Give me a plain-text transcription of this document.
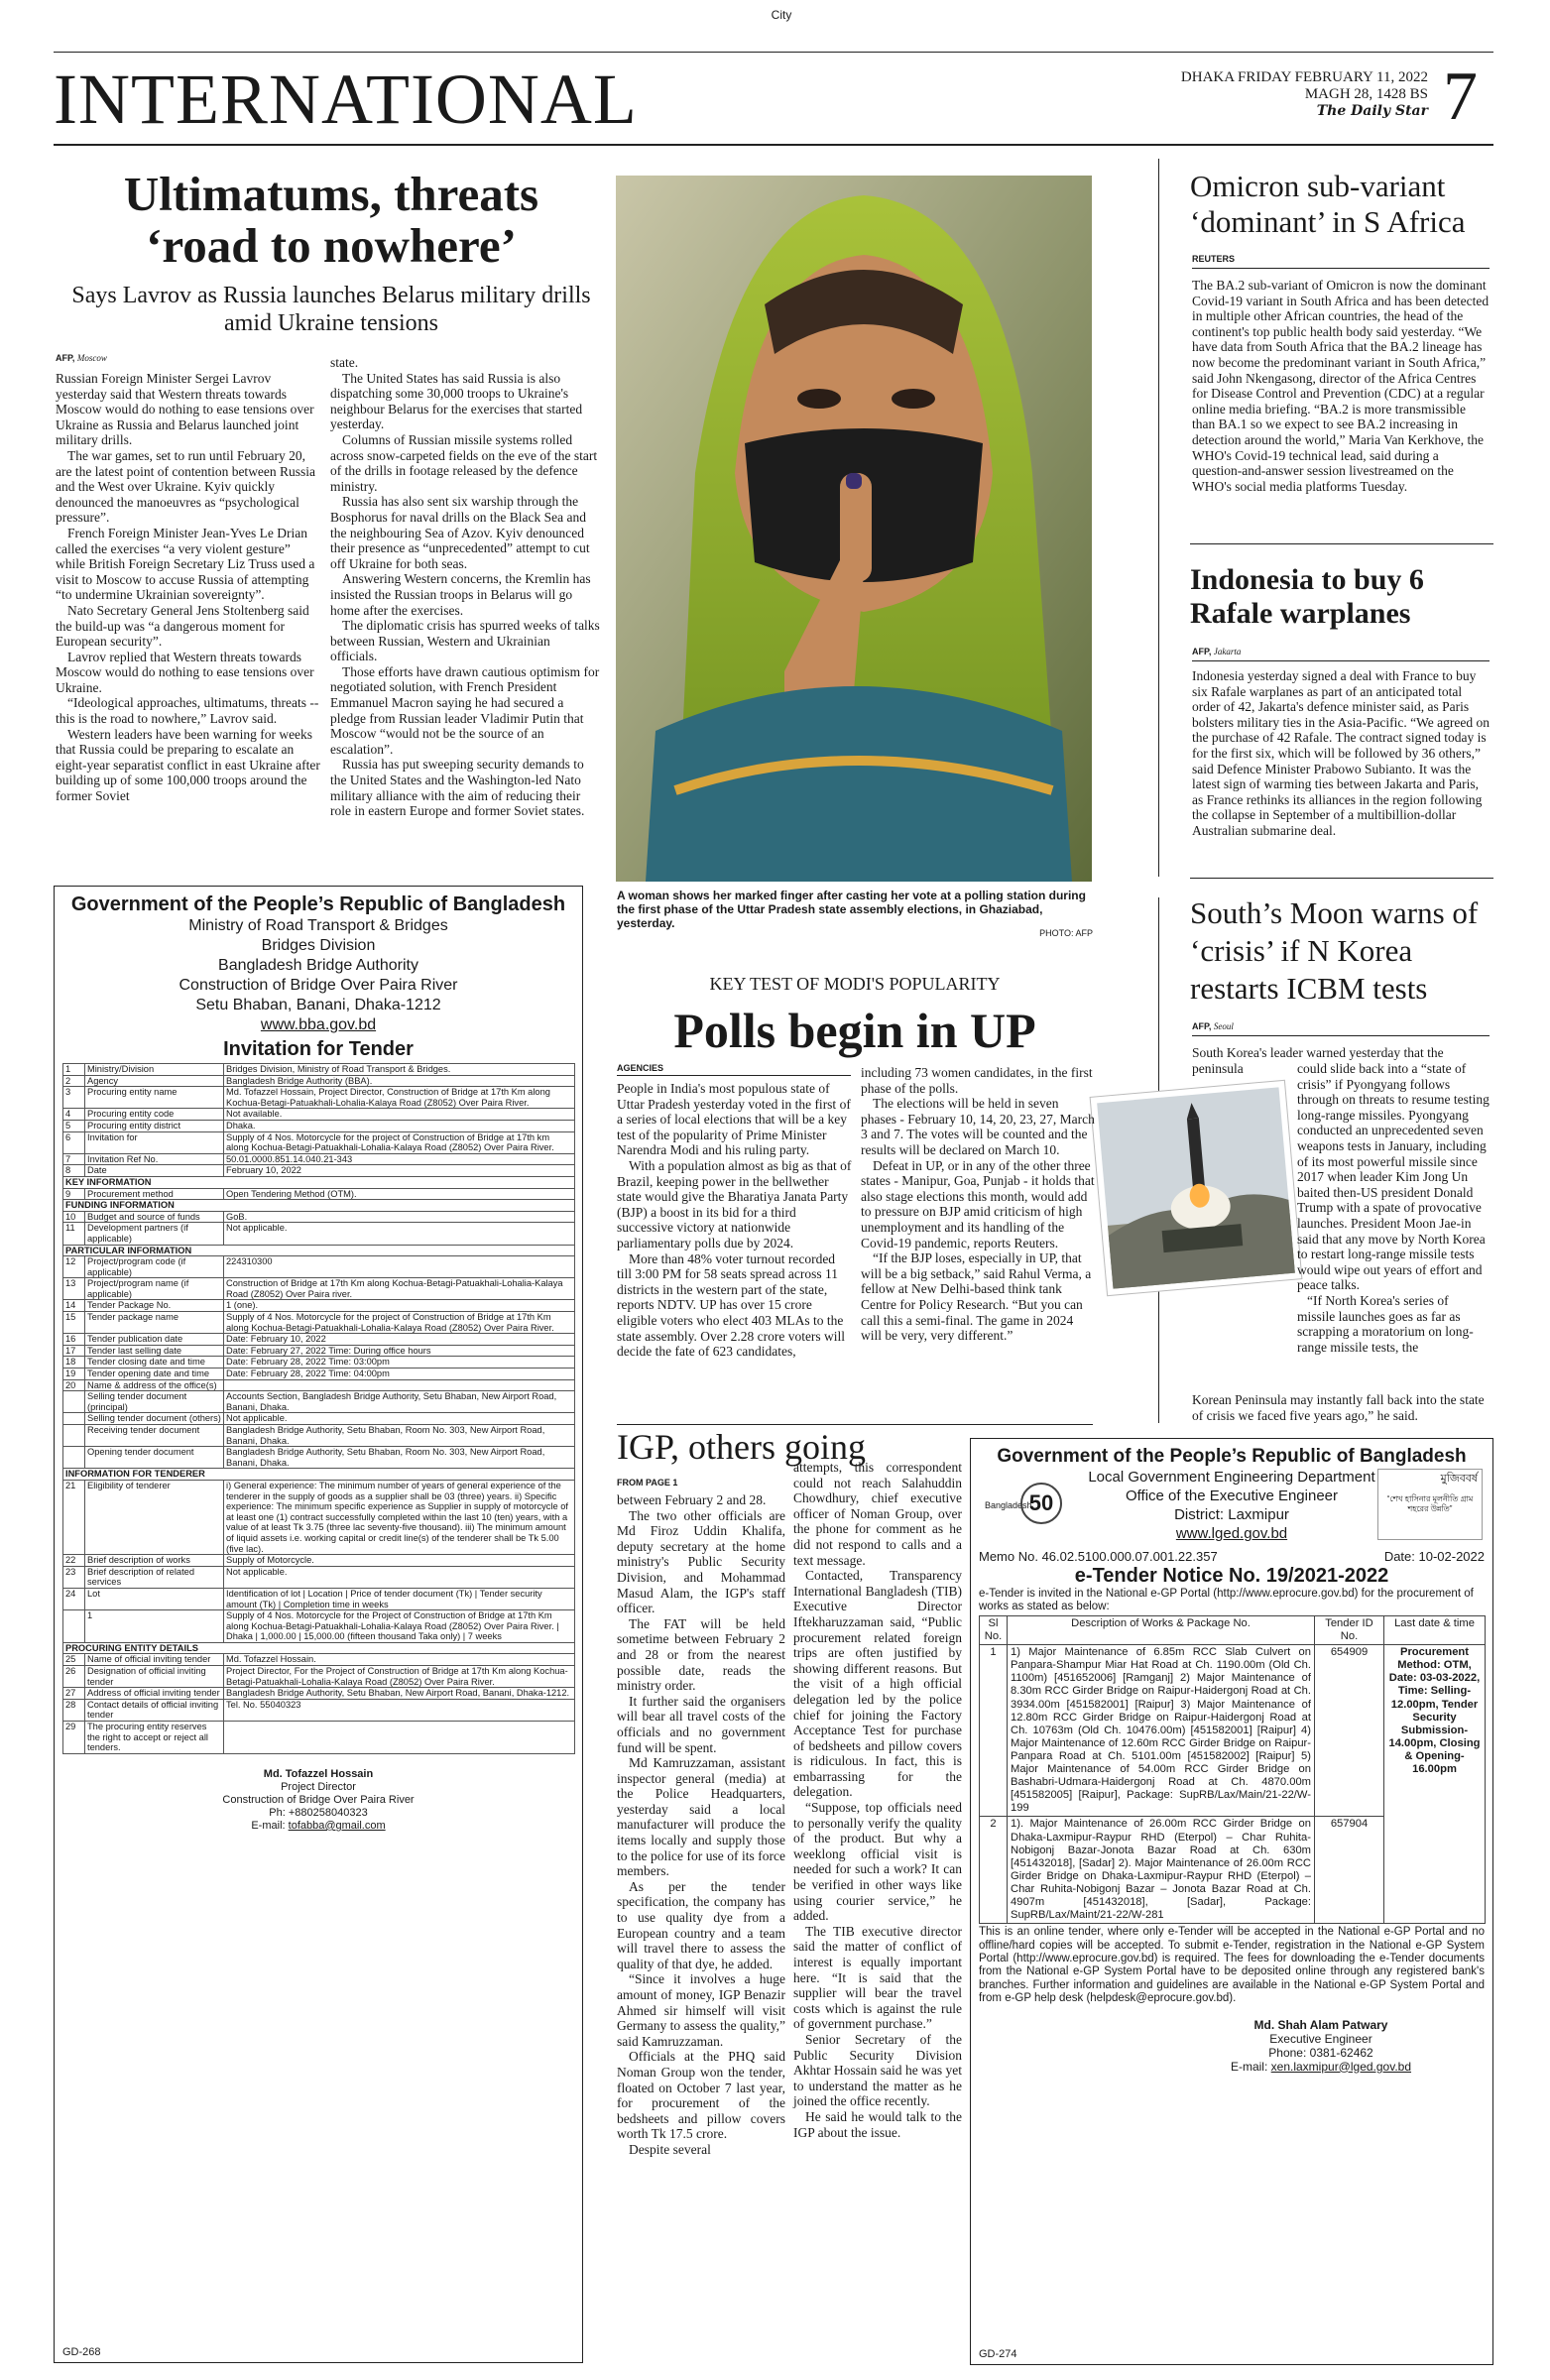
City
INTERNATIONAL	DHAKA FRIDAY FEBRUARY 11, 2022
MAGH 28, 1428 BS
The Daily Star 7
Ultimatums, threats
‘road to nowhere’
Says Lavrov as Russia launches Belarus military drills amid Ukraine tensions
AFP, Moscow

Russian Foreign Minister Sergei Lavrov yesterday said that Western threats towards Moscow would do nothing to ease tensions over Ukraine as Russia and Belarus launched joint military drills.

The war games, set to run until February 20, are the latest point of contention between Russia and the West over Ukraine. Kyiv quickly denounced the manoeuvres as “psychological pressure”.

French Foreign Minister Jean-Yves Le Drian called the exercises “a very violent gesture” while British Foreign Secretary Liz Truss used a visit to Moscow to accuse Russia of attempting “to undermine Ukrainian sovereignty”.

Nato Secretary General Jens Stoltenberg said the build-up was “a dangerous moment for European security”.

Lavrov replied that Western threats towards Moscow would do nothing to ease tensions over Ukraine.

“Ideological approaches, ultimatums, threats -- this is the road to nowhere,” Lavrov said.

Western leaders have been warning for weeks that Russia could be preparing to escalate an eight-year separatist conflict in east Ukraine after building up of some 100,000 troops around the former Soviet

state.

The United States has said Russia is also dispatching some 30,000 troops to Ukraine's neighbour Belarus for the exercises that started yesterday.

Columns of Russian missile systems rolled across snow-carpeted fields on the eve of the start of the drills in footage released by the defence ministry.

Russia has also sent six warship through the Bosphorus for naval drills on the Black Sea and the neighbouring Sea of Azov. Kyiv denounced their presence as “unprecedented” attempt to cut off Ukraine for both seas.

Answering Western concerns, the Kremlin has insisted the Russian troops in Belarus will go home after the exercises.

The diplomatic crisis has spurred weeks of talks between Russian, Western and Ukrainian officials.

Those efforts have drawn cautious optimism for negotiated solution, with French President Emmanuel Macron saying he had secured a pledge from Russian leader Vladimir Putin that Moscow “would not be the source of an escalation”.

Russia has put sweeping security demands to the United States and the Washington-led Nato military alliance with the aim of reducing their role in eastern Europe and former Soviet states.

A woman shows her marked finger after casting her vote at a polling station during the first phase of the Uttar Pradesh state assembly elections, in Ghaziabad, yesterday.
PHOTO: AFP
Omicron sub-variant ‘dominant’ in S Africa
REUTERS
The BA.2 sub-variant of Omicron is now the dominant Covid-19 variant in South Africa and has been detected in multiple other African countries, the head of the continent's top public health body said yesterday. “We have data from South Africa that the BA.2 lineage has now become the predominant variant in South Africa,” said John Nkengasong, director of the Africa Centres for Disease Control and Prevention (CDC) at a regular online media briefing. “BA.2 is more transmissible than BA.1 so we expect to see BA.2 increasing in detection around the world,” Maria Van Kerkhove, the WHO's Covid-19 technical lead, said during a question-and-answer session livestreamed on the WHO's social media platforms Tuesday.
Indonesia to buy 6 Rafale warplanes
AFP, Jakarta
Indonesia yesterday signed a deal with France to buy six Rafale warplanes as part of an anticipated total order of 42, Jakarta's defence minister said, as Paris bolsters military ties in the Asia-Pacific. “We agreed on the purchase of 42 Rafale. The contract signed today is for the first six, which will be followed by 36 others,” said Defence Minister Prabowo Subianto. It was the latest sign of warming ties between Jakarta and Paris, as France rethinks its alliances in the region following the collapse in September of a multibillion-dollar Australian submarine deal.
South’s Moon warns of ‘crisis’ if N Korea restarts ICBM tests
AFP, Seoul
South Korea's leader warned yesterday that the peninsula	could slide back into a “state of crisis” if Pyongyang follows through on threats to resume testing long-range missiles. Pyongyang conducted an unprecedented seven weapons tests in January, including of its most powerful missile since 2017 when leader Kim Jong Un baited then-US president Donald Trump with a spate of provocative launches. President Moon Jae-in said that any move by North Korea to restart long-range missile tests would wipe out years of effort and peace talks.

“If North Korea's series of missile launches goes as far as scrapping a moratorium on long-range missile tests, the

Korean Peninsula may instantly fall back into the state of crisis we faced five years ago,” he said.
KEY TEST OF MODI'S POPULARITY
Polls begin in UP
AGENCIES

People in India's most populous state of Uttar Pradesh yesterday voted in the first of a series of local elections that will be a key test of the popularity of Prime Minister Narendra Modi and his ruling party.

With a population almost as big as that of Brazil, keeping power in the bellwether state would give the Bharatiya Janata Party (BJP) a boost in its bid for a third successive victory at nationwide parliamentary polls due by 2024.

More than 48% voter turnout recorded till 3:00 PM for 58 seats spread across 11 districts in the western part of the state, reports NDTV. UP has over 15 crore eligible voters who elect 403 MLAs to the state assembly. Over 2.28 crore voters will decide the fate of 623 candidates,

including 73 women candidates, in the first phase of the polls.

The elections will be held in seven phases - February 10, 14, 20, 23, 27, March 3 and 7. The votes will be counted and the results will be declared on March 10.

Defeat in UP, or in any of the other three states - Manipur, Goa, Punjab - it holds that also stage elections this month, would add to pressure on BJP amid criticism of high unemployment and its handling of the Covid-19 pandemic, reports Reuters.

“If the BJP loses, especially in UP, that will be a big setback,” said Rahul Verma, a fellow at New Delhi-based think tank Centre for Policy Research. “But you can call this a semi-final. The game in 2024 will be very, very different.”

IGP, others going
FROM PAGE 1

between February 2 and 28.

The two other officials are Md Firoz Uddin Khalifa, deputy secretary at the home ministry's Public Security Division, and Mohammad Masud Alam, the IGP's staff officer.

The FAT will be held sometime between February 2 and 28 or from the nearest possible date, reads the ministry order.

It further said the organisers will bear all travel costs of the officials and no government fund will be spent.

Md Kamruzzaman, assistant inspector general (media) at the Police Headquarters, yesterday said a local manufacturer will produce the items locally and supply those to the police for use of its force members.

As per the tender specification, the company has to use quality dye from a European country and a team will travel there to assess the quality of that dye, he added.

“Since it involves a huge amount of money, IGP Benazir Ahmed sir himself will visit Germany to assess the quality,” said Kamruzzaman.

Officials at the PHQ said Noman Group won the tender, floated on October 7 last year, for procurement of the bedsheets and pillow covers worth Tk 17.5 crore.

Despite several

attempts, this correspondent could not reach Salahuddin Chowdhury, chief executive officer of Noman Group, over the phone for comment as he did not respond to calls and a text message.

Contacted, Transparency International Bangladesh (TIB) Executive Director Iftekharuzzaman said, “Public procurement related foreign trips are often justified by showing different reasons. But the visit of a high official delegation led by the police chief for joining the Factory Acceptance Test for purchase of bedsheets and pillow covers is ridiculous. In fact, this is embarrassing for the delegation.

“Suppose, top officials need to personally verify the quality of the product. But why a weeklong official visit is needed for such a work? It can be verified in other ways like using courier service,” he added.

The TIB executive director said the matter of conflict of interest is equally important here. “It is said that the supplier will bear the travel costs which is against the rule of government purchase.”

Senior Secretary of the Public Security Division Akhtar Hossain said he was yet to understand the matter as he joined the office recently.

He said he would talk to the IGP about the issue.

Government of the People’s Republic of Bangladesh
Ministry of Road Transport & Bridges
Bridges Division
Bangladesh Bridge Authority
Construction of Bridge Over Paira River
Setu Bhaban, Banani, Dhaka-1212
www.bba.gov.bd
Invitation for Tender
1	Ministry/Division	Bridges Division, Ministry of Road Transport & Bridges.
2	Agency	Bangladesh Bridge Authority (BBA).
3	Procuring entity name	Md. Tofazzel Hossain, Project Director, Construction of Bridge at 17th Km along Kochua-Betagi-Patuakhali-Lohalia-Kalaya Road (Z8052) Over Paira River.
4	Procuring entity code	Not available.
5	Procuring entity district	Dhaka.
6	Invitation for	Supply of 4 Nos. Motorcycle for the project of Construction of Bridge at 17th km along Kochua-Betagi-Patuakhali-Lohalia-Kalaya Road (Z8052) Over Paira River.
7	Invitation Ref No.	50.01.0000.851.14.040.21-343
8	Date	February 10, 2022
KEY INFORMATION		
9	Procurement method	Open Tendering Method (OTM).
FUNDING INFORMATION		
10	Budget and source of funds	GoB.
11	Development partners (if applicable)	Not applicable.
PARTICULAR INFORMATION		
12	Project/program code (if applicable)	224310300
13	Project/program name (if applicable)	Construction of Bridge at 17th Km along Kochua-Betagi-Patuakhali-Lohalia-Kalaya Road (Z8052) Over Paira river.
14	Tender Package No.	1 (one).
15	Tender package name	Supply of 4 Nos. Motorcycle for the project of Construction of Bridge at 17th Km along Kochua-Betagi-Patuakhali-Lohalia-Kalaya Road (Z8052) Over Paira River.
16	Tender publication date	Date: February 10, 2022
17	Tender last selling date	Date: February 27, 2022 Time: During office hours
18	Tender closing date and time	Date: February 28, 2022 Time: 03:00pm
19	Tender opening date and time	Date: February 28, 2022 Time: 04:00pm
20	Name & address of the office(s)	
	Selling tender document (principal)	Accounts Section, Bangladesh Bridge Authority, Setu Bhaban, New Airport Road, Banani, Dhaka.
	Selling tender document (others)	Not applicable.
	Receiving tender document	Bangladesh Bridge Authority, Setu Bhaban, Room No. 303, New Airport Road, Banani, Dhaka.
	Opening tender document	Bangladesh Bridge Authority, Setu Bhaban, Room No. 303, New Airport Road, Banani, Dhaka.
INFORMATION FOR TENDERER		
21	Eligibility of tenderer	i) General experience: The minimum number of years of general experience of the tenderer in the supply of goods as a supplier shall be 03 (three) years. ii) Specific experience: The minimum specific experience as Supplier in supply of motorcycle of at least one (1) contract successfully completed within the last 10 (ten) years, with a value of at least Tk 3.75 (three lac seventy-five thousand). iii) The minimum amount of liquid assets i.e. working capital or credit line(s) of the tenderer shall be Tk 5.00 (five lac).
22	Brief description of works	Supply of Motorcycle.
23	Brief description of related services	Not applicable.
24	Lot	Identification of lot | Location | Price of tender document (Tk) | Tender security amount (Tk) | Completion time in weeks
	1	Supply of 4 Nos. Motorcycle for the Project of Construction of Bridge at 17th Km along Kochua-Betagi-Patuakhali-Lohalia-Kalaya Road (Z8052) Over Paira River. | Dhaka | 1,000.00 | 15,000.00 (fifteen thousand Taka only) | 7 weeks
PROCURING ENTITY DETAILS		
25	Name of official inviting tender	Md. Tofazzel Hossain.
26	Designation of official inviting tender	Project Director, For the Project of Construction of Bridge at 17th Km along Kochua-Betagi-Patuakhali-Lohalia-Kalaya Road (Z8052) Over Paira River.
27	Address of official inviting tender	Bangladesh Bridge Authority, Setu Bhaban, New Airport Road, Banani, Dhaka-1212.
28	Contact details of official inviting tender	Tel. No. 55040323
29	The procuring entity reserves the right to accept or reject all tenders.	
Md. Tofazzel Hossain
Project Director
Construction of Bridge Over Paira River
Ph: +880258040323
E-mail: tofabba@gmail.com
GD-268
Government of the People’s Republic of Bangladesh
Bangladesh
50
Local Government Engineering Department
Office of the Executive Engineer
District: Laxmipur
www.lged.gov.bd
মুজিববর্ষ
“শেখ হাসিনার মূলনীতি গ্রাম শহরের উন্নতি”
Memo No. 46.02.5100.000.07.001.22.357	Date: 10-02-2022
e-Tender Notice No. 19/2021-2022
e-Tender is invited in the National e-GP Portal (http://www.eprocure.gov.bd) for the procurement of works as stated as below:
Sl No.	Description of Works & Package No.	Tender ID No.	Last date & time
1	1) Major Maintenance of 6.85m RCC Slab Culvert on Panpara-Shampur Miar Hat Road at Ch. 1190.00m (Old Ch. 1100m) [451652006] [Ramganj] 2) Major Maintenance of 8.30m RCC Girder Bridge on Raipur-Haidergonj Road at Ch. 3934.00m [451582001] [Raipur] 3) Major Maintenance of 12.80m RCC Girder Bridge on Raipur-Haidergonj Road at Ch. 10763m (Old Ch. 10476.00m) [451582001] [Raipur] 4) Major Maintenance of 12.60m RCC Girder Bridge on Raipur-Panpara Road at Ch. 5101.00m [451582002] [Raipur] 5) Major Maintenance of 54.00m RCC Girder Bridge on Bashabri-Udmara-Haidergonj Road at Ch. 4870.00m [451582005] [Raipur], Package: SupRB/Lax/Main/21-22/W-199	654909	Procurement Method: OTM, Date: 03-03-2022, Time: Selling-12.00pm, Tender Security Submission-14.00pm, Closing & Opening-16.00pm
2	1). Major Maintenance of 26.00m RCC Girder Bridge on Dhaka-Laxmipur-Raypur RHD (Eterpol) – Char Ruhita-Nobigonj Bazar-Jonota Bazar Road at Ch. 630m [451432018], [Sadar] 2). Major Maintenance of 26.00m RCC Girder Bridge on Dhaka-Laxmipur-Raypur RHD (Eterpol) – Char Ruhita-Nobigonj Bazar – Jonota Bazar Road at Ch. 4907m [451432018], [Sadar], Package: SupRB/Lax/Maint/21-22/W-281	657904	
This is an online tender, where only e-Tender will be accepted in the National e-GP Portal and no offline/hard copies will be accepted. To submit e-Tender, registration in the National e-GP System Portal (http://www.eprocure.gov.bd) is required. The fees for downloading the e-Tender documents from the National e-GP System Portal have to be deposited online through any registered bank's branches. Further information and guidelines are available in the National e-GP System Portal and from e-GP help desk (helpdesk@eprocure.gov.bd).
Md. Shah Alam Patwary
Executive Engineer
Phone: 0381-62462
E-mail: xen.laxmipur@lged.gov.bd
GD-274
